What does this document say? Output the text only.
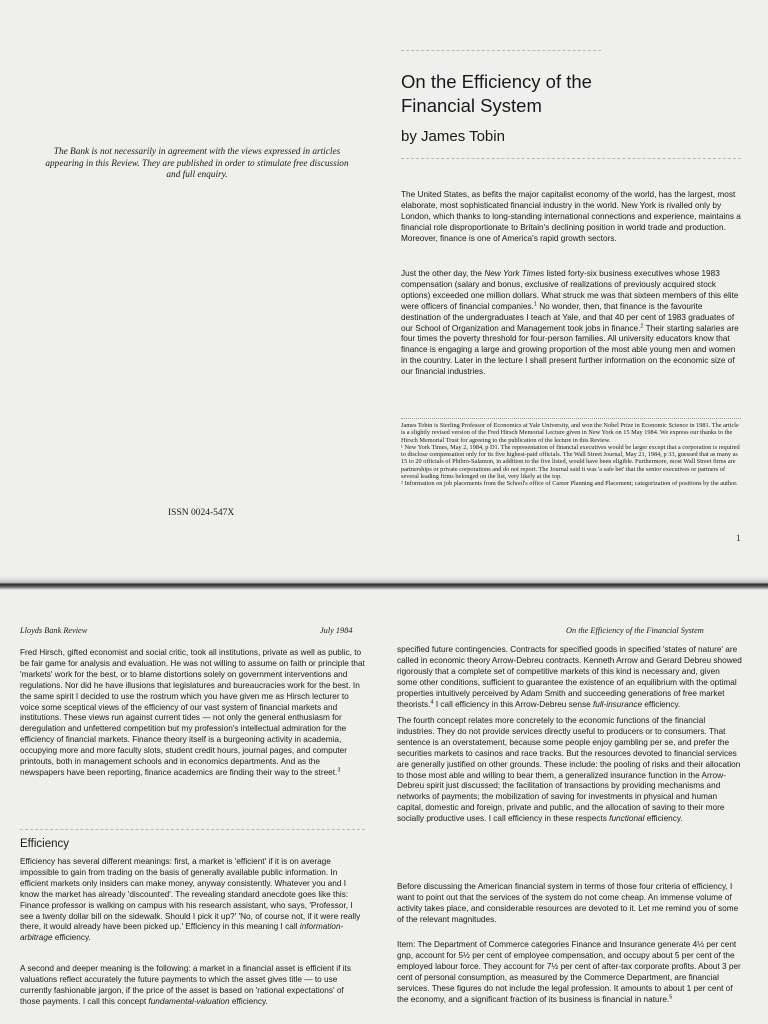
The Bank is not necessarily in agreement with the views expressed in articles appearing in this Review. They are published in order to stimulate free discussion and full enquiry.
ISSN 0024-547X
On the Efficiency of the
Financial System
by James Tobin

The United States, as befits the major capitalist economy of the world, has the largest, most elaborate, most sophisticated financial industry in the world. New York is rivalled only by London, which thanks to long-standing international connections and experience, maintains a financial role disproportionate to Britain's declining position in world trade and production. Moreover, finance is one of America's rapid growth sectors.

Just the other day, the New York Times listed forty-six business executives whose 1983 compensation (salary and bonus, exclusive of realizations of previously acquired stock options) exceeded one million dollars. What struck me was that sixteen members of this elite were officers of financial companies.$^1$ No wonder, then, that finance is the favourite destination of the undergraduates I teach at Yale, and that 40 per cent of 1983 graduates of our School of Organization and Management took jobs in finance.$^2$ Their starting salaries are four times the poverty threshold for four-person families. All university educators know that finance is engaging a large and growing proportion of the most able young men and women in the country. Later in the lecture I shall present further information on the economic size of our financial industries.

James Tobin is Sterling Professor of Economics at Yale University, and won the Nobel Prize in Economic Science in 1981. The article is a slightly revised version of the Fred Hirsch Memorial Lecture given in New York on 15 May 1984. We express our thanks to the Hirsch Memorial Trust for agreeing to the publication of the lecture in this Review.

¹ New York Times, May 2, 1984, p D1. The representation of financial executives would be larger except that a corporation is required to disclose compensation only for its five highest-paid officials. The Wall Street Journal, May 21, 1984, p 33, guessed that as many as 15 to 20 officials of Phibro-Salamon, in addition to the five listed, would have been eligible. Furthermore, most Wall Street firms are partnerships or private corporations and do not report. The Journal said it was 'a safe bet' that the senior executives or partners of several leading firms belonged on the list, very likely at the top.

² Information on job placements from the School's office of Career Planning and Placement; categorization of positions by the author.

1
Lloyds Bank Review	July 1984	On the Efficiency of the Financial System

Fred Hirsch, gifted economist and social critic, took all institutions, private as well as public, to be fair game for analysis and evaluation. He was not willing to assume on faith or principle that 'markets' work for the best, or to blame distortions solely on government interventions and regulations. Nor did he have illusions that legislatures and bureaucracies work for the best. In the same spirit I decided to use the rostrum which you have given me as Hirsch lecturer to voice some sceptical views of the efficiency of our vast system of financial markets and institutions. These views run against current tides — not only the general enthusiasm for deregulation and unfettered competition but my profession's intellectual admiration for the efficiency of financial markets. Finance theory itself is a burgeoning activity in academia, occupying more and more faculty slots, student credit hours, journal pages, and computer printouts, both in management schools and in economics departments. And as the newspapers have been reporting, finance academics are finding their way to the street.$^3$

Efficiency

Efficiency has several different meanings: first, a market is 'efficient' if it is on average impossible to gain from trading on the basis of generally available public information. In efficient markets only insiders can make money, anyway consistently. Whatever you and I know the market has already 'discounted'. The revealing standard anecdote goes like this: Finance professor is walking on campus with his research assistant, who says, 'Professor, I see a twenty dollar bill on the sidewalk. Should I pick it up?' 'No, of course not, if it were really there, it would already have been picked up.' Efficiency in this meaning I call information-arbitrage efficiency.

A second and deeper meaning is the following: a market in a financial asset is efficient if its valuations reflect accurately the future payments to which the asset gives title — to use currently fashionable jargon, if the price of the asset is based on 'rational expectations' of those payments. I call this concept fundamental-valuation efficiency.

specified future contingencies. Contracts for specified goods in specified 'states of nature' are called in economic theory Arrow-Debreu contracts. Kenneth Arrow and Gerard Debreu showed rigorously that a complete set of competitive markets of this kind is necessary and, given some other conditions, sufficient to guarantee the existence of an equilibrium with the optimal properties intuitively perceived by Adam Smith and succeeding generations of free market theorists.$^4$ I call efficiency in this Arrow-Debreu sense full-insurance efficiency.

The fourth concept relates more concretely to the economic functions of the financial industries. They do not provide services directly useful to producers or to consumers. That sentence is an overstatement, because some people enjoy gambling per se, and prefer the securities markets to casinos and race tracks. But the resources devoted to financial services are generally justified on other grounds. These include: the pooling of risks and their allocation to those most able and willing to bear them, a generalized insurance function in the Arrow-Debreu spirit just discussed; the facilitation of transactions by providing mechanisms and networks of payments; the mobilization of saving for investments in physical and human capital, domestic and foreign, private and public, and the allocation of saving to their more socially productive uses. I call efficiency in these respects functional efficiency.

Before discussing the American financial system in terms of those four criteria of efficiency, I want to point out that the services of the system do not come cheap. An immense volume of activity takes place, and considerable resources are devoted to it. Let me remind you of some of the relevant magnitudes.

Item: The Department of Commerce categories Finance and Insurance generate 4½ per cent gnp, account for 5½ per cent of employee compensation, and occupy about 5 per cent of the employed labour force. They account for 7½ per cent of after-tax corporate profits. About 3 per cent of personal consumption, as measured by the Commerce Department, are financial services. These figures do not include the legal profession. It amounts to about 1 per cent of the economy, and a significant fraction of its business is financial in nature.$^5$
